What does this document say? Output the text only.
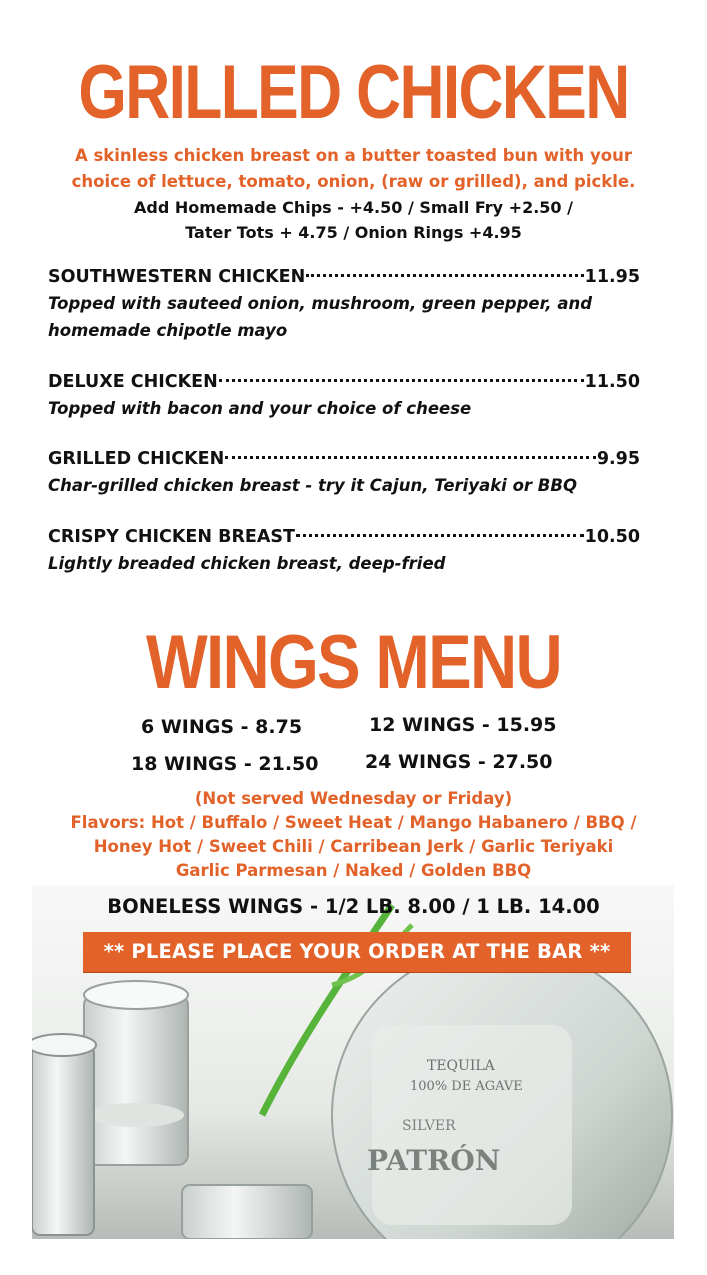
GRILLED CHICKEN
A skinless chicken breast on a butter toasted bun with your
choice of lettuce, tomato, onion, (raw or grilled), and pickle.
Add Homemade Chips - +4.50 / Small Fry +2.50 /
Tater Tots + 4.75 / Onion Rings +4.95
SOUTHWESTERN CHICKEN	11.95
Topped with sauteed onion, mushroom, green pepper, and
homemade chipotle mayo
DELUXE CHICKEN	11.50
Topped with bacon and your choice of cheese
GRILLED CHICKEN	9.95
Char-grilled chicken breast - try it Cajun, Teriyaki or BBQ
CRISPY CHICKEN BREAST	10.50
Lightly breaded chicken breast, deep-fried
WINGS MENU
6 WINGS - 8.75	12 WINGS - 15.95
18 WINGS - 21.50 24 WINGS - 27.50
(Not served Wednesday or Friday)
Flavors: Hot / Buffalo / Sweet Heat / Mango Habanero / BBQ /
Honey Hot / Sweet Chili / Carribean Jerk / Garlic Teriyaki
Garlic Parmesan / Naked / Golden BBQ
TEQUILA
100% DE AGAVE
SILVER
PATRÓN
BONELESS WINGS - 1/2 LB. 8.00 / 1 LB. 14.00
** PLEASE PLACE YOUR ORDER AT THE BAR **
